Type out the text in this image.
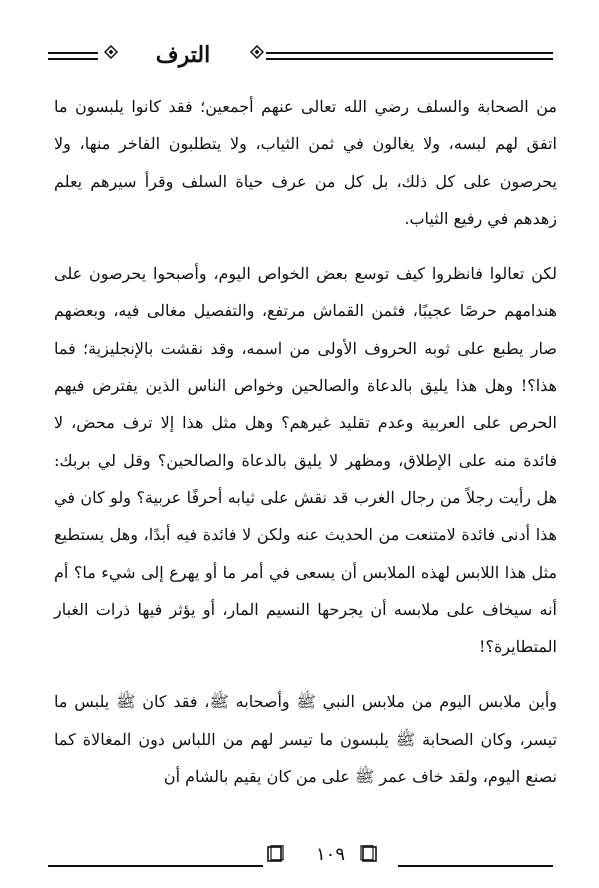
الترف

من الصحابة والسلف رضي الله تعالى عنهم أجمعين؛ فقد كانوا يلبسون ما اتفق لهم لبسه، ولا يغالون في ثمن الثياب، ولا يتطلبون الفاخر منها، ولا يحرصون على كل ذلك، بل كل من عرف حياة السلف وقرأ سيرهم يعلم زهدهم في رفيع الثياب.

لكن تعالوا فانظروا كيف توسع بعض الخواص اليوم، وأصبحوا يحرصون على هندامهم حرصًا عجيبًا، فثمن القماش مرتفع، والتفصيل مغالى فيه، وبعضهم صار يطبع على ثوبه الحروف الأولى من اسمه، وقد نقشت بالإنجليزية؛ فما هذا؟! وهل هذا يليق بالدعاة والصالحين وخواص الناس الذين يفترض فيهم الحرص على العربية وعدم تقليد غيرهم؟ وهل مثل هذا إلا ترف محض، لا فائدة منه على الإطلاق، ومظهر لا يليق بالدعاة والصالحين؟ وقل لي بربك: هل رأيت رجلاً من رجال الغرب قد نقش على ثيابه أحرفًا عربية؟ ولو كان في هذا أدنى فائدة لامتنعت من الحديث عنه ولكن لا فائدة فيه أبدًا، وهل يستطيع مثل هذا اللابس لهذه الملابس أن يسعى في أمر ما أو يهرع إلى شيء ما؟ أم أنه سيخاف على ملابسه أن يجرحها النسيم المار، أو يؤثر فيها ذرات الغبار المتطايرة؟!

وأين ملابس اليوم من ملابس النبي ﷺ وأصحابه ﷺ، فقد كان ﷺ يلبس ما تيسر، وكان الصحابة ﷺ يلبسون ما تيسر لهم من اللباس دون المغالاة كما نصنع اليوم، ولقد خاف عمر ﷺ على من كان يقيم بالشام أن

١٠٩
